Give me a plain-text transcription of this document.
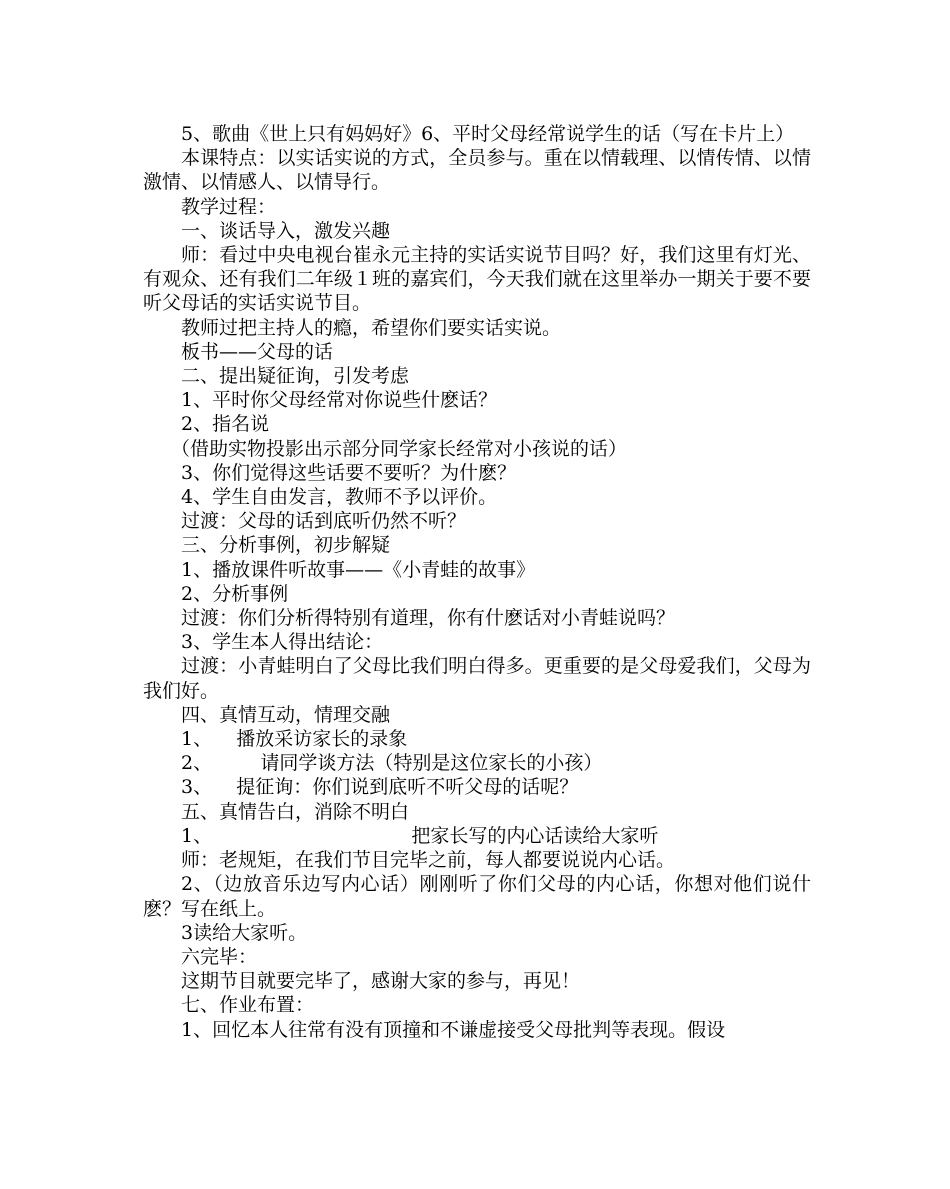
5、歌曲《世上只有妈妈好》6、平时父母经常说学生的话（写在卡片上）

本课特点：以实话实说的方式，全员参与。重在以情载理、以情传情、以情激情、以情感人、以情导行。

教学过程：

一、谈话导入，激发兴趣

师：看过中央电视台崔永元主持的实话实说节目吗？好，我们这里有灯光、有观众、还有我们二年级１班的嘉宾们，今天我们就在这里举办一期关于要不要听父母话的实话实说节目。

教师过把主持人的瘾，希望你们要实话实说。

板书——父母的话

二、提出疑征询，引发考虑

1、平时你父母经常对你说些什麽话？

2、指名说

（借助实物投影出示部分同学家长经常对小孩说的话）

3、你们觉得这些话要不要听？为什麽？

4、学生自由发言，教师不予以评价。

过渡：父母的话到底听仍然不听？

三、分析事例，初步解疑

1、播放课件听故事——《小青蛙的故事》

2、分析事例

过渡：你们分析得特别有道理，你有什麽话对小青蛙说吗？

3、学生本人得出结论：

过渡：小青蛙明白了父母比我们明白得多。更重要的是父母爱我们，父母为我们好。

四、真情互动，情理交融

1、    播放采访家长的录象

2、        请同学谈方法（特别是这位家长的小孩）

3、    提征询：你们说到底听不听父母的话呢？

五、真情告白，消除不明白

1、                                 把家长写的内心话读给大家听

师：老规矩，在我们节目完毕之前，每人都要说说内心话。

2、（边放音乐边写内心话）刚刚听了你们父母的内心话，你想对他们说什麽？写在纸上。

3读给大家听。

六完毕：

这期节目就要完毕了，感谢大家的参与，再见！

七、作业布置：

1、回忆本人往常有没有顶撞和不谦虚接受父母批判等表现。假设
